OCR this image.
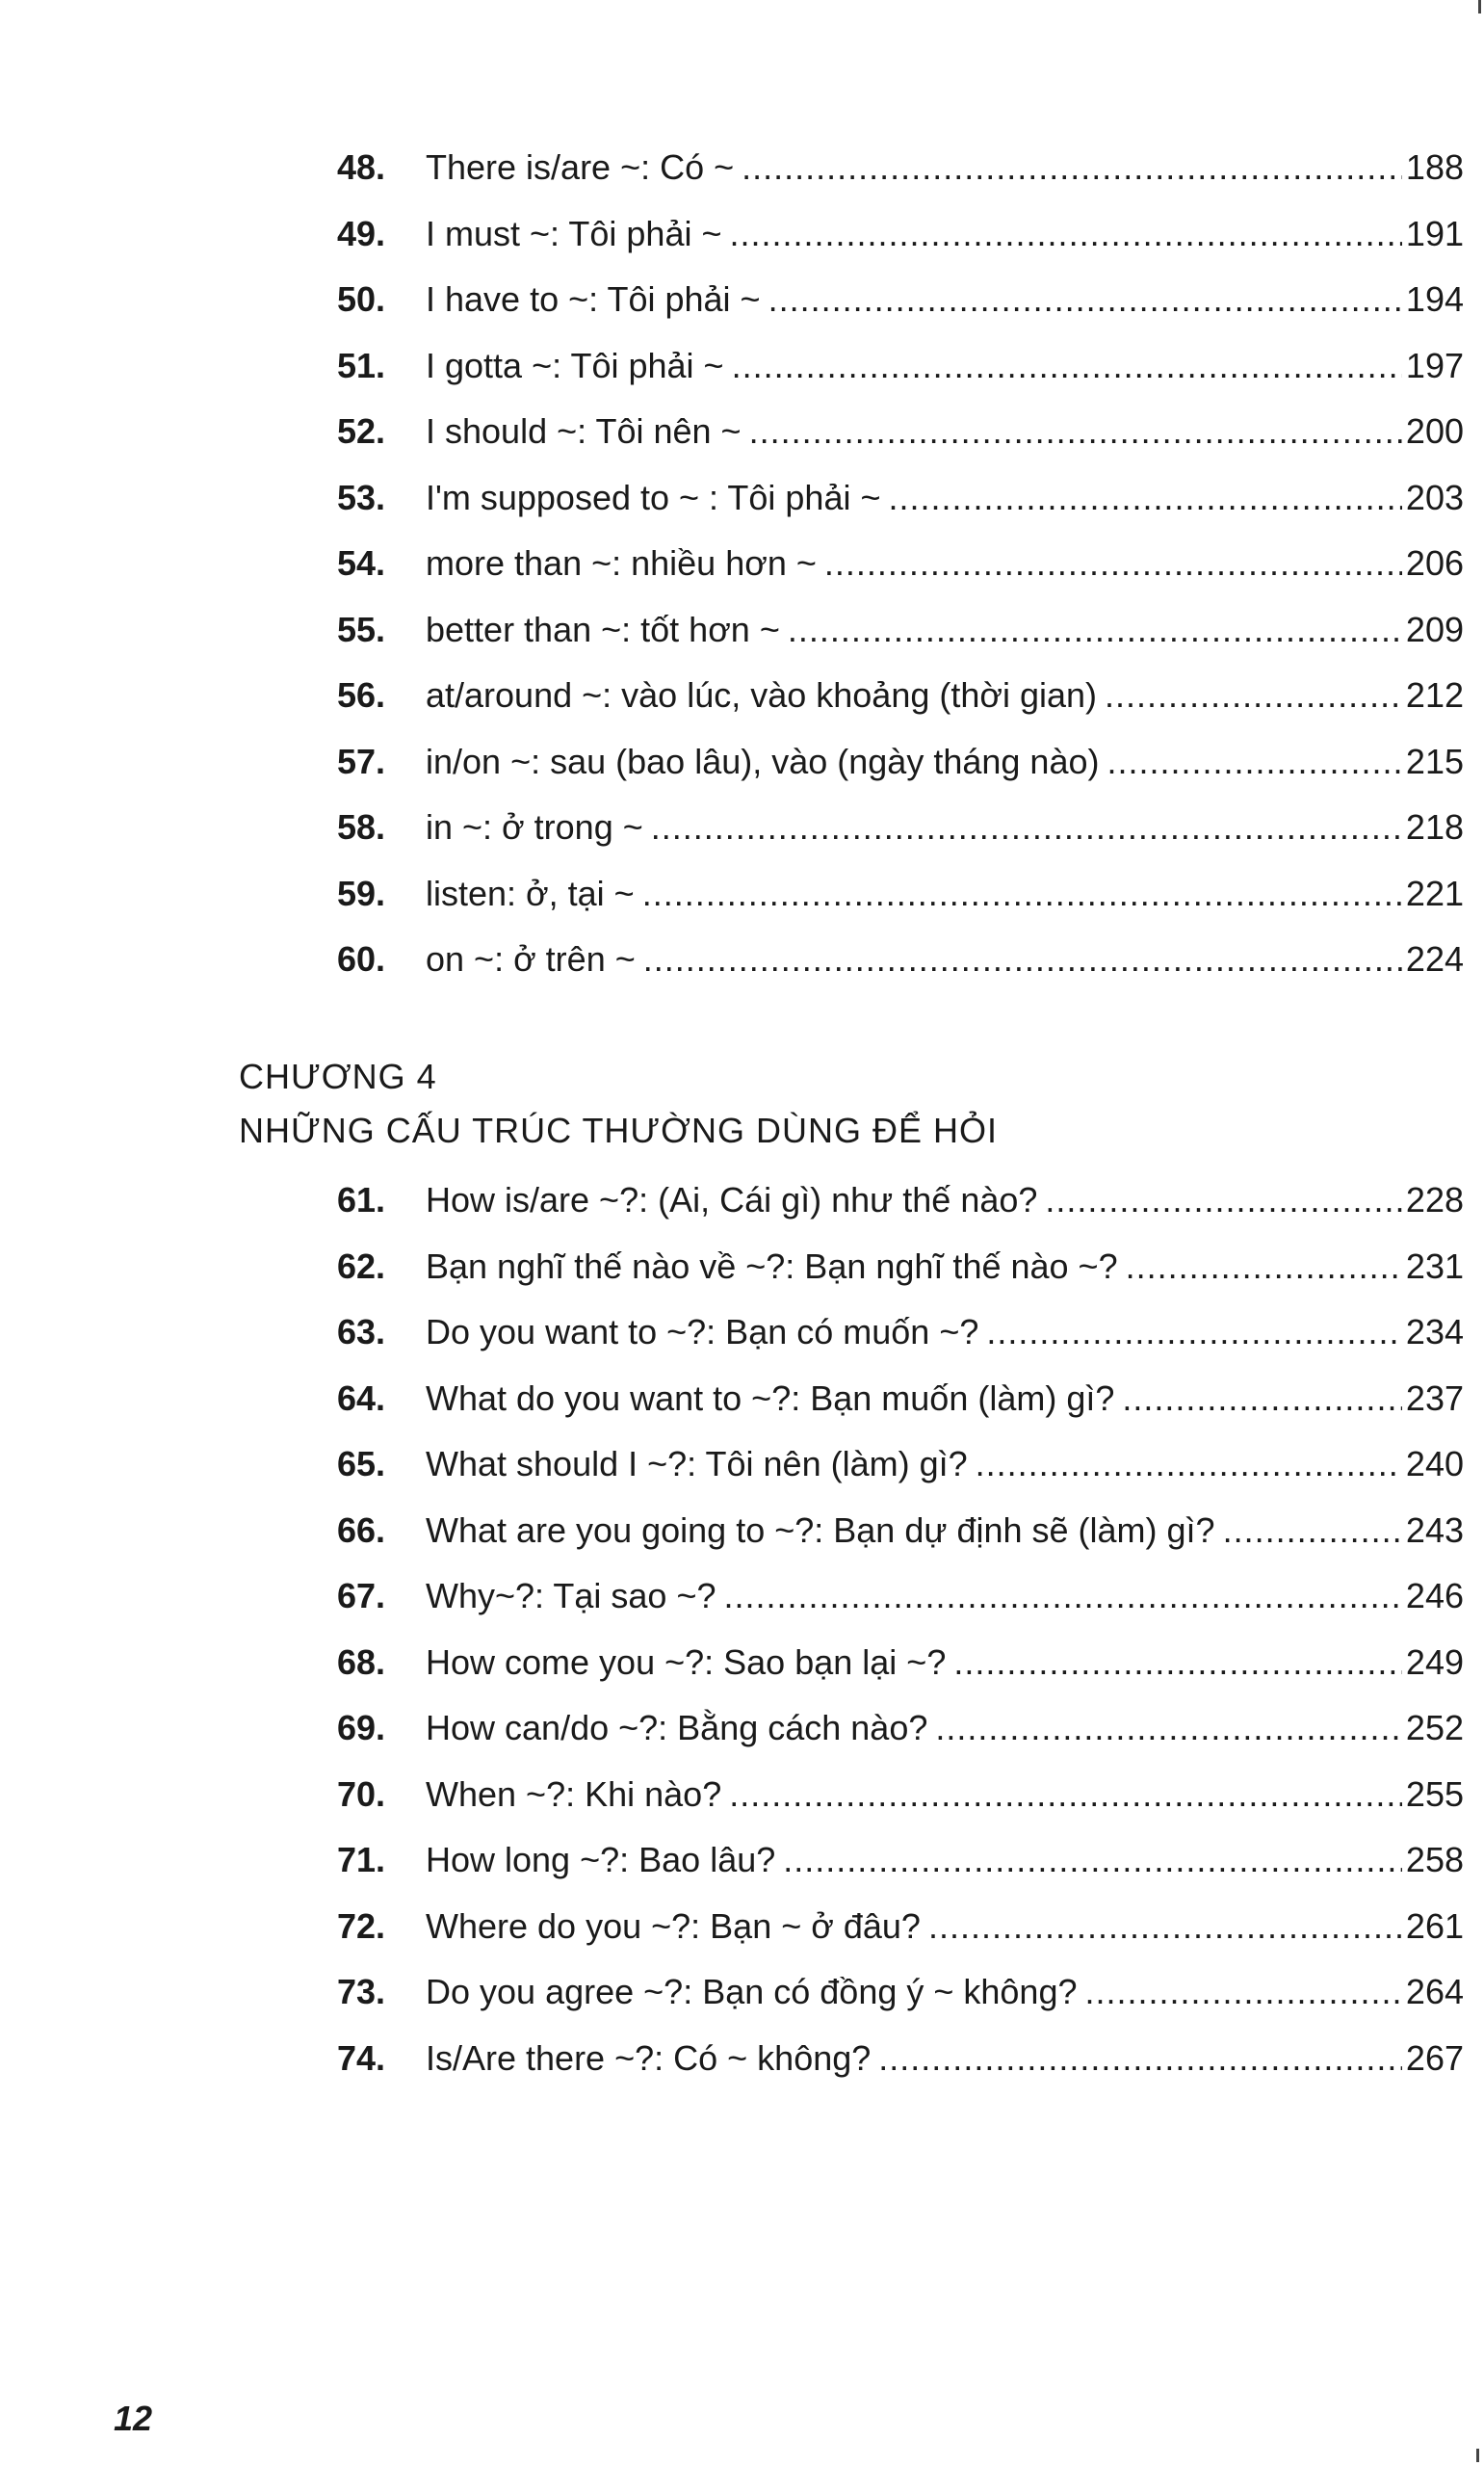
48.	There is/are ~: Có ~ .....	188
49.	I must ~: Tôi phải ~ .....	191
50.	I have to ~: Tôi phải ~ .....	194
51.	I gotta ~: Tôi phải ~ .....	197
52.	I should ~: Tôi nên ~ .....	200
53.	I'm supposed to ~ : Tôi phải ~ .....	203
54.	more than ~: nhiều hơn ~ .....	206
55.	better than ~: tốt hơn ~ .....	209
56.	at/around ~: vào lúc, vào khoảng (thời gian) .....	212
57.	in/on ~: sau (bao lâu), vào (ngày tháng nào) .....	215
58.	in ~: ở trong ~ .....	218
59.	listen: ở, tại ~ .....	221
60.	on ~: ở trên ~ .....	224
CHƯƠNG 4
NHỮNG CẤU TRÚC THƯỜNG DÙNG ĐỂ HỎI
61.	How is/are ~?: (Ai, Cái gì) như thế nào? .....	228
62.	Bạn nghĩ thế nào về ~?: Bạn nghĩ thế nào ~? .....	231
63.	Do you want to ~?: Bạn có muốn ~? .....	234
64.	What do you want to ~?: Bạn muốn (làm) gì? .....	237
65.	What should I ~?: Tôi nên (làm) gì? .....	240
66.	What are you going to ~?: Bạn dự định sẽ (làm) gì? .....	243
67.	Why~?: Tại sao ~? .....	246
68.	How come you ~?: Sao bạn lại ~? .....	249
69.	How can/do ~?: Bằng cách nào? .....	252
70.	When ~?: Khi nào? .....	255
71.	How long ~?: Bao lâu? .....	258
72.	Where do you ~?: Bạn ~ ở đâu? .....	261
73.	Do you agree ~?: Bạn có đồng ý ~ không? .....	264
74.	Is/Are there ~?: Có ~ không? .....	267
12
